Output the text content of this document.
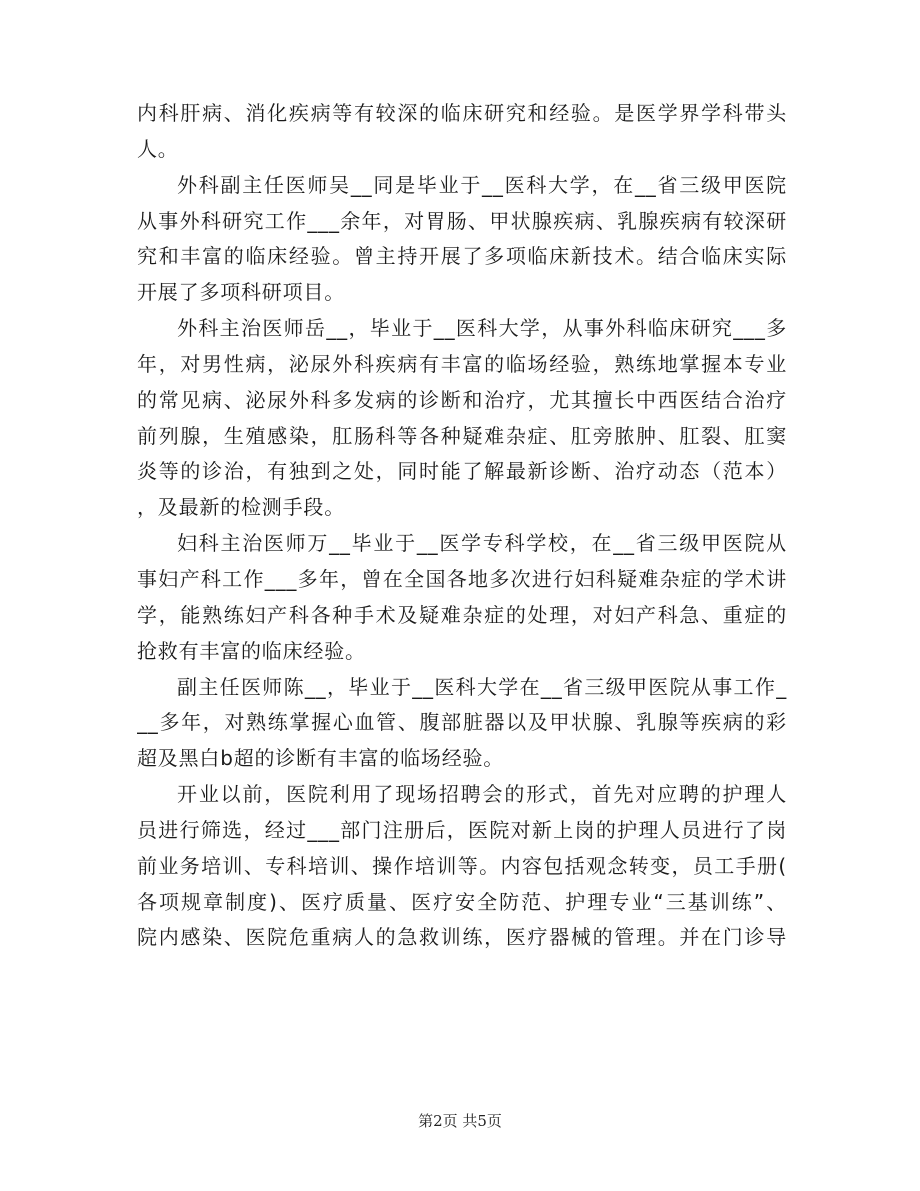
内科肝病、消化疾病等有较深的临床研究和经验。是医学界学科带头
人。
外科副主任医师吴__同是毕业于__医科大学，在__省三级甲医院
从事外科研究工作___余年，对胃肠、甲状腺疾病、乳腺疾病有较深研
究和丰富的临床经验。曾主持开展了多项临床新技术。结合临床实际
开展了多项科研项目。
外科主治医师岳__，毕业于__医科大学，从事外科临床研究___多
年，对男性病，泌尿外科疾病有丰富的临场经验，熟练地掌握本专业
的常见病、泌尿外科多发病的诊断和治疗，尤其擅长中西医结合治疗
前列腺，生殖感染，肛肠科等各种疑难杂症、肛旁脓肿、肛裂、肛窦
炎等的诊治，有独到之处，同时能了解最新诊断、治疗动态（范本）
，及最新的检测手段。
妇科主治医师万__毕业于__医学专科学校，在__省三级甲医院从
事妇产科工作___多年，曾在全国各地多次进行妇科疑难杂症的学术讲
学，能熟练妇产科各种手术及疑难杂症的处理，对妇产科急、重症的
抢救有丰富的临床经验。
副主任医师陈__，毕业于__医科大学在__省三级甲医院从事工作_
__多年，对熟练掌握心血管、腹部脏器以及甲状腺、乳腺等疾病的彩
超及黑白b超的诊断有丰富的临场经验。
开业以前，医院利用了现场招聘会的形式，首先对应聘的护理人
员进行筛选，经过___部门注册后，医院对新上岗的护理人员进行了岗
前业务培训、专科培训、操作培训等。内容包括观念转变，员工手册(
各项规章制度)、医疗质量、医疗安全防范、护理专业“三基训练”、
院内感染、医院危重病人的急救训练，医疗器械的管理。并在门诊导
第2页 共5页
